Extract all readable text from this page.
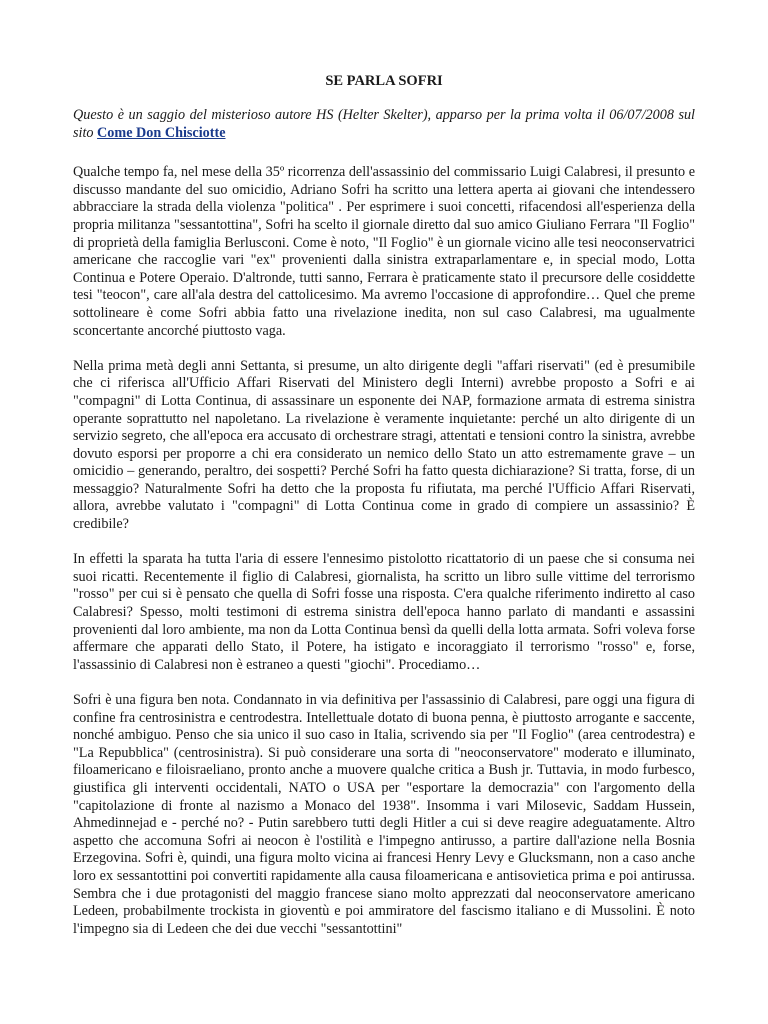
SE PARLA SOFRI

Questo è un saggio del misterioso autore HS (Helter Skelter), apparso per la prima volta il 06/07/2008 sul sito Come Don Chisciotte

Qualche tempo fa, nel mese della 35º ricorrenza dell'assassinio del commissario Luigi Calabresi, il presunto e discusso mandante del suo omicidio, Adriano Sofri ha scritto una lettera aperta ai giovani che intendessero abbracciare la strada della violenza "politica" . Per esprimere i suoi concetti, rifacendosi all'esperienza della propria militanza "sessantottina", Sofri ha scelto il giornale diretto dal suo amico Giuliano Ferrara "Il Foglio" di proprietà della famiglia Berlusconi. Come è noto, "Il Foglio" è un giornale vicino alle tesi neoconservatrici americane che raccoglie vari "ex" provenienti dalla sinistra extraparlamentare e, in special modo, Lotta Continua e Potere Operaio. D'altronde, tutti sanno, Ferrara è praticamente stato il precursore delle cosiddette tesi "teocon", care all'ala destra del cattolicesimo. Ma avremo l'occasione di approfondire… Quel che preme sottolineare è come Sofri abbia fatto una rivelazione inedita, non sul caso Calabresi, ma ugualmente sconcertante ancorché piuttosto vaga.

Nella prima metà degli anni Settanta, si presume, un alto dirigente degli "affari riservati" (ed è presumibile che ci riferisca all'Ufficio Affari Riservati del Ministero degli Interni) avrebbe proposto a Sofri e ai "compagni" di Lotta Continua, di assassinare un esponente dei NAP, formazione armata di estrema sinistra operante soprattutto nel napoletano. La rivelazione è veramente inquietante: perché un alto dirigente di un servizio segreto, che all'epoca era accusato di orchestrare stragi, attentati e tensioni contro la sinistra, avrebbe dovuto esporsi per proporre a chi era considerato un nemico dello Stato un atto estremamente grave – un omicidio – generando, peraltro, dei sospetti? Perché Sofri ha fatto questa dichiarazione? Si tratta, forse, di un messaggio? Naturalmente Sofri ha detto che la proposta fu rifiutata, ma perché l'Ufficio Affari Riservati, allora, avrebbe valutato i "compagni" di Lotta Continua come in grado di compiere un assassinio? È credibile?

In effetti la sparata ha tutta l'aria di essere l'ennesimo pistolotto ricattatorio di un paese che si consuma nei suoi ricatti. Recentemente il figlio di Calabresi, giornalista, ha scritto un libro sulle vittime del terrorismo "rosso" per cui si è pensato che quella di Sofri fosse una risposta. C'era qualche riferimento indiretto al caso Calabresi? Spesso, molti testimoni di estrema sinistra dell'epoca hanno parlato di mandanti e assassini provenienti dal loro ambiente, ma non da Lotta Continua bensì da quelli della lotta armata. Sofri voleva forse affermare che apparati dello Stato, il Potere, ha istigato e incoraggiato il terrorismo "rosso" e, forse, l'assassinio di Calabresi non è estraneo a questi "giochi". Procediamo…

Sofri è una figura ben nota. Condannato in via definitiva per l'assassinio di Calabresi, pare oggi una figura di confine fra centrosinistra e centrodestra. Intellettuale dotato di buona penna, è piuttosto arrogante e saccente, nonché ambiguo. Penso che sia unico il suo caso in Italia, scrivendo sia per "Il Foglio" (area centrodestra) e "La Repubblica" (centrosinistra). Si può considerare una sorta di "neoconservatore" moderato e illuminato, filoamericano e filoisraeliano, pronto anche a muovere qualche critica a Bush jr. Tuttavia, in modo furbesco, giustifica gli interventi occidentali, NATO o USA per "esportare la democrazia" con l'argomento della "capitolazione di fronte al nazismo a Monaco del 1938". Insomma i vari Milosevic, Saddam Hussein, Ahmedinnejad e - perché no? - Putin sarebbero tutti degli Hitler a cui si deve reagire adeguatamente. Altro aspetto che accomuna Sofri ai neocon è l'ostilità e l'impegno antirusso, a partire dall'azione nella Bosnia Erzegovina. Sofri è, quindi, una figura molto vicina ai francesi Henry Levy e Glucksmann, non a caso anche loro ex sessantottini poi convertiti rapidamente alla causa filoamericana e antisovietica prima e poi antirussa. Sembra che i due protagonisti del maggio francese siano molto apprezzati dal neoconservatore americano Ledeen, probabilmente trockista in gioventù e poi ammiratore del fascismo italiano e di Mussolini. È noto l'impegno sia di Ledeen che dei due vecchi "sessantottini"
